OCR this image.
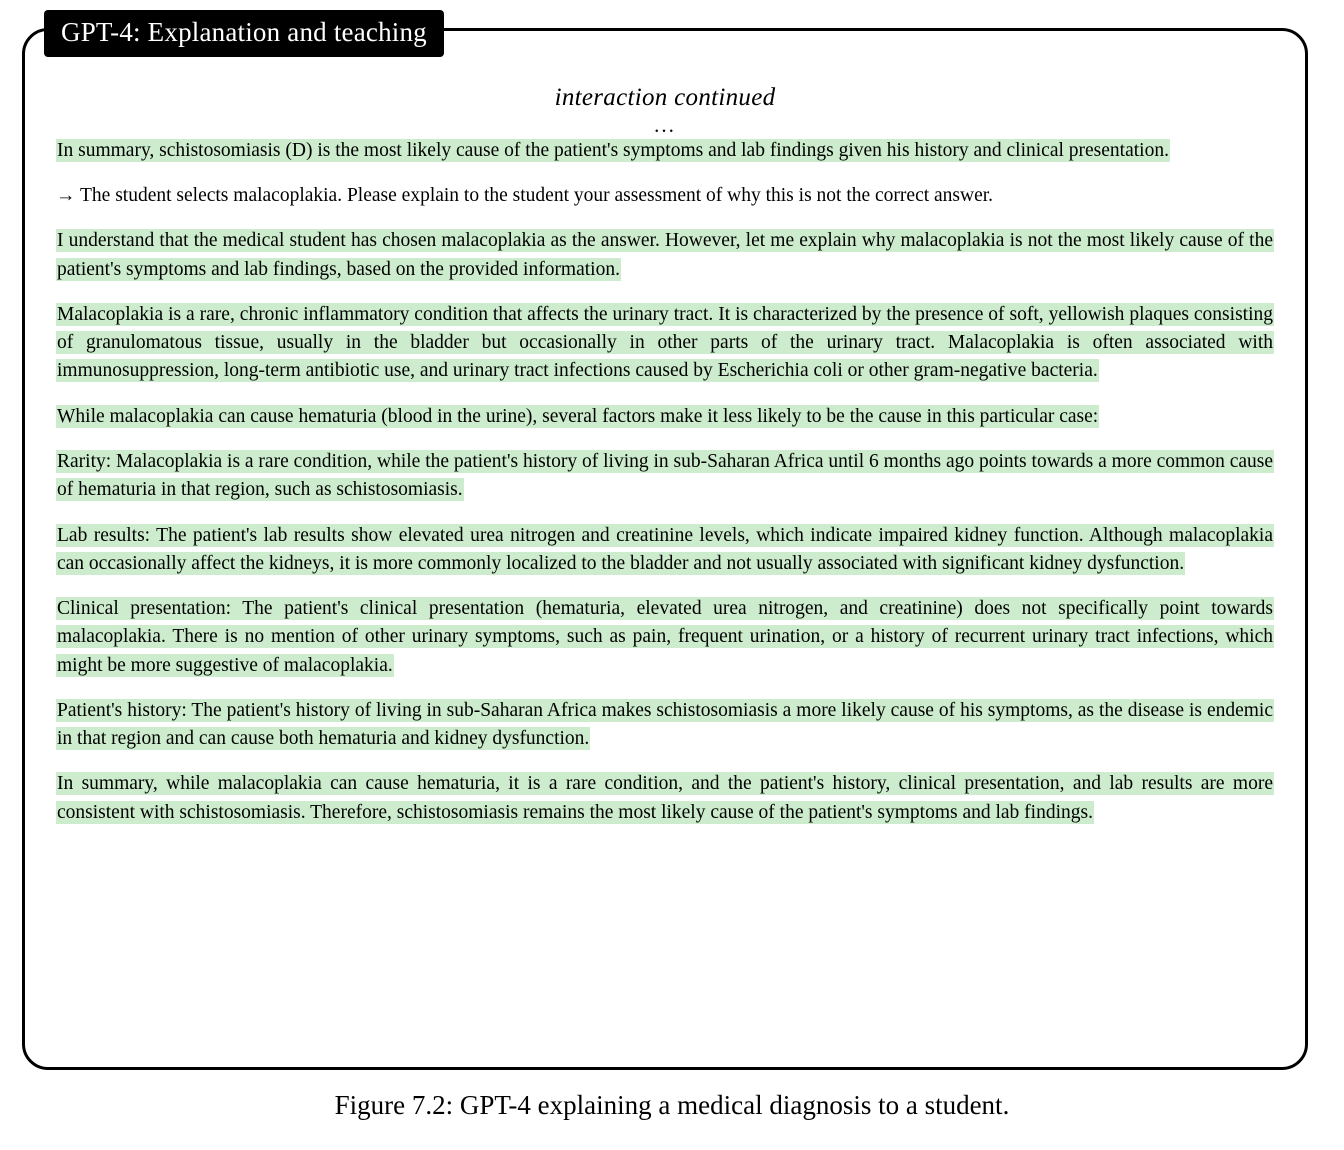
GPT-4: Explanation and teaching
interaction continued
...

In summary, schistosomiasis (D) is the most likely cause of the patient's symptoms and lab findings given his history and clinical presentation.

→ The student selects malacoplakia. Please explain to the student your assessment of why this is not the correct answer.

I understand that the medical student has chosen malacoplakia as the answer. However, let me explain why malacoplakia is not the most likely cause of the patient's symptoms and lab findings, based on the provided information.

Malacoplakia is a rare, chronic inflammatory condition that affects the urinary tract. It is characterized by the presence of soft, yellowish plaques consisting of granulomatous tissue, usually in the bladder but occasionally in other parts of the urinary tract. Malacoplakia is often associated with immunosuppression, long-term antibiotic use, and urinary tract infections caused by Escherichia coli or other gram-negative bacteria.

While malacoplakia can cause hematuria (blood in the urine), several factors make it less likely to be the cause in this particular case:

Rarity: Malacoplakia is a rare condition, while the patient's history of living in sub-Saharan Africa until 6 months ago points towards a more common cause of hematuria in that region, such as schistosomiasis.

Lab results: The patient's lab results show elevated urea nitrogen and creatinine levels, which indicate impaired kidney function. Although malacoplakia can occasionally affect the kidneys, it is more commonly localized to the bladder and not usually associated with significant kidney dysfunction.

Clinical presentation: The patient's clinical presentation (hematuria, elevated urea nitrogen, and creatinine) does not specifically point towards malacoplakia. There is no mention of other urinary symptoms, such as pain, frequent urination, or a history of recurrent urinary tract infections, which might be more suggestive of malacoplakia.

Patient's history: The patient's history of living in sub-Saharan Africa makes schistosomiasis a more likely cause of his symptoms, as the disease is endemic in that region and can cause both hematuria and kidney dysfunction.

In summary, while malacoplakia can cause hematuria, it is a rare condition, and the patient's history, clinical presentation, and lab results are more consistent with schistosomiasis. Therefore, schistosomiasis remains the most likely cause of the patient's symptoms and lab findings.

Figure 7.2: GPT-4 explaining a medical diagnosis to a student.
